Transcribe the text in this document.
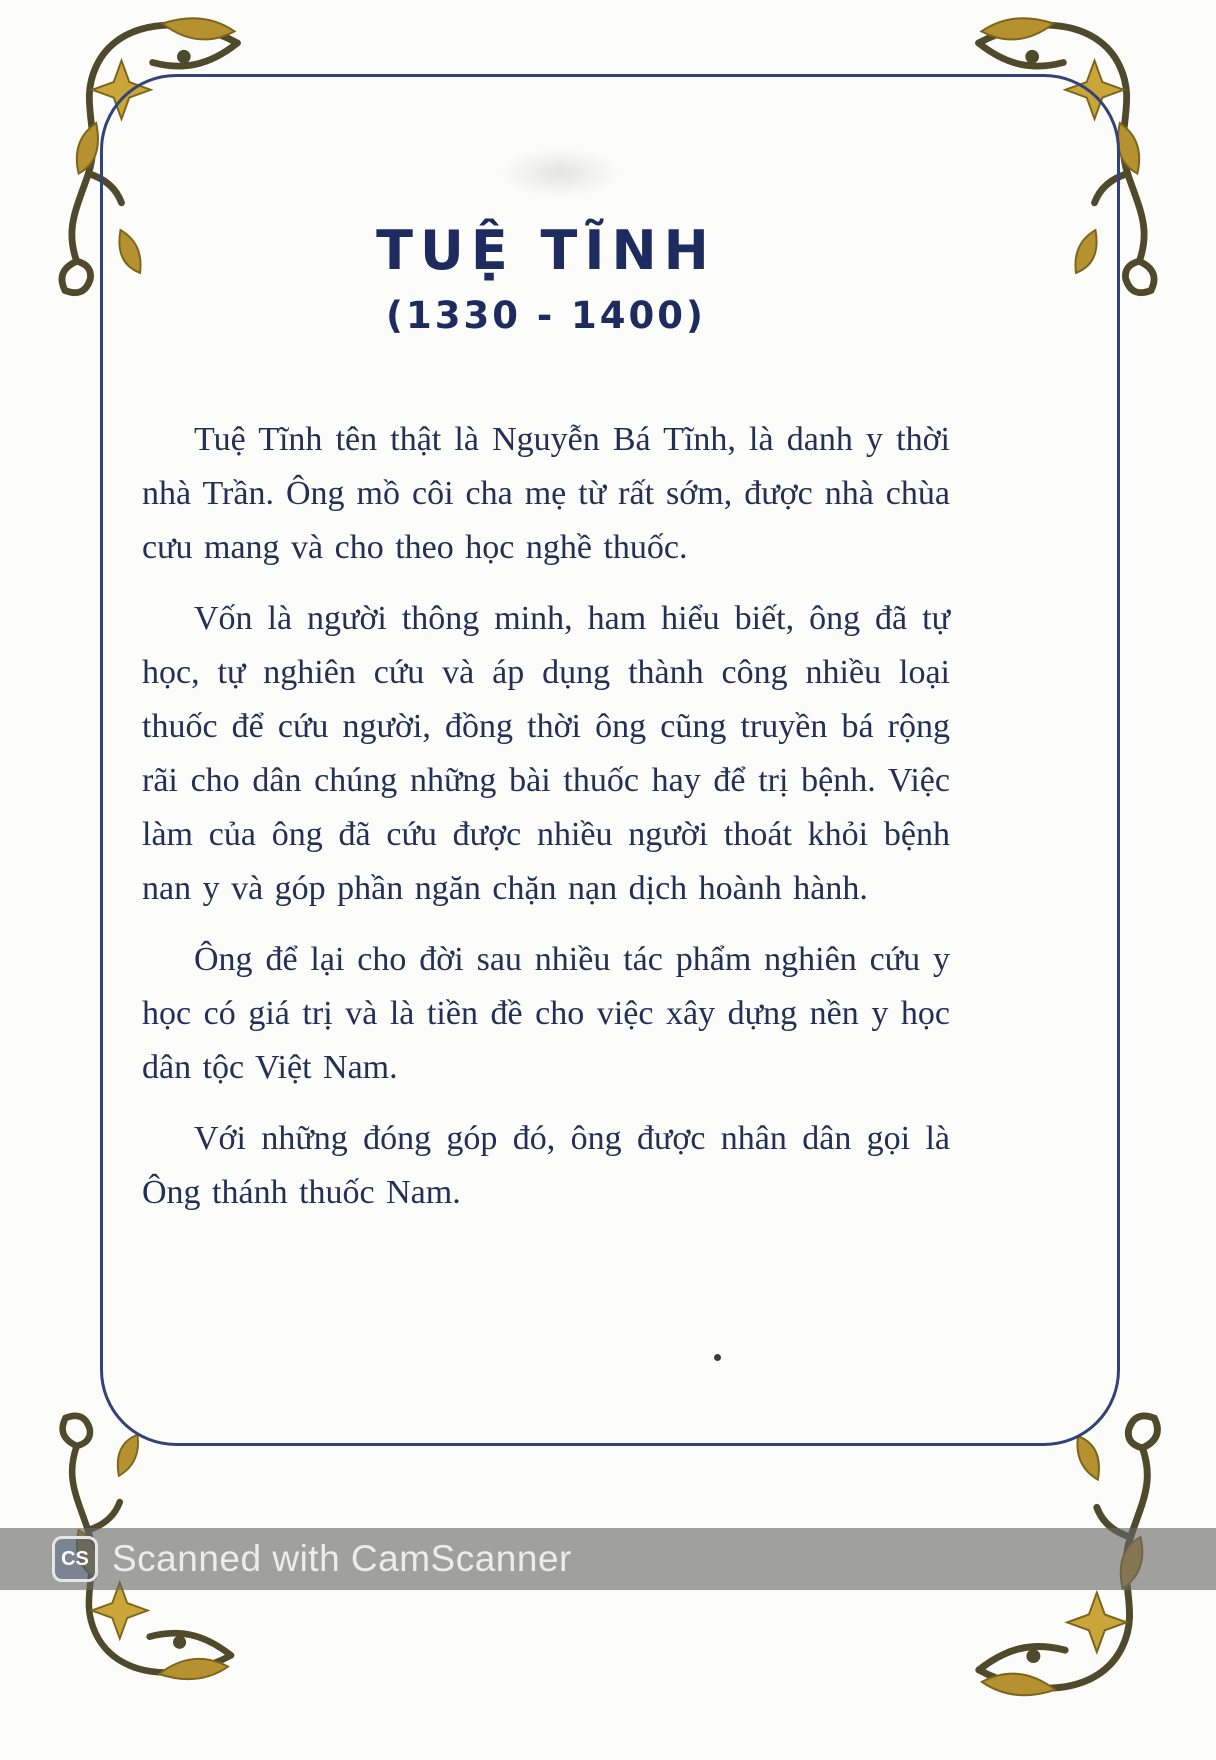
TUỆ TĨNH
(1330 - 1400)

Tuệ Tĩnh tên thật là Nguyễn Bá Tĩnh, là danh y thời nhà Trần. Ông mồ côi cha mẹ từ rất sớm, được nhà chùa cưu mang và cho theo học nghề thuốc.

Vốn là người thông minh, ham hiểu biết, ông đã tự học, tự nghiên cứu và áp dụng thành công nhiều loại thuốc để cứu người, đồng thời ông cũng truyền bá rộng rãi cho dân chúng những bài thuốc hay để trị bệnh. Việc làm của ông đã cứu được nhiều người thoát khỏi bệnh nan y và góp phần ngăn chặn nạn dịch hoành hành.

Ông để lại cho đời sau nhiều tác phẩm nghiên cứu y học có giá trị và là tiền đề cho việc xây dựng nền y học dân tộc Việt Nam.

Với những đóng góp đó, ông được nhân dân gọi là Ông thánh thuốc Nam.

CS Scanned with CamScanner
